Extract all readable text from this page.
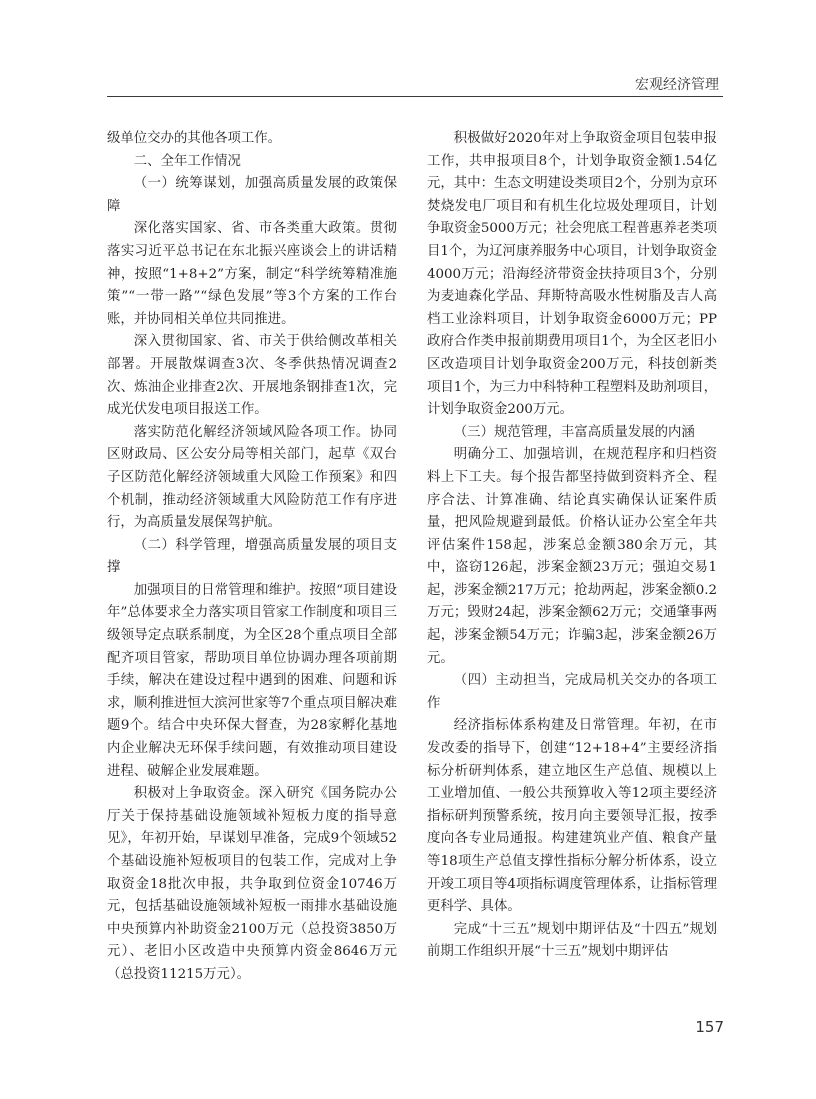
宏观经济管理

级单位交办的其他各项工作。

二、全年工作情况

（一）统筹谋划，加强高质量发展的政策保障

深化落实国家、省、市各类重大政策。贯彻落实习近平总书记在东北振兴座谈会上的讲话精神，按照“1+8+2”方案，制定“科学统筹精准施策”“一带一路”“绿色发展”等3个方案的工作台账，并协同相关单位共同推进。

深入贯彻国家、省、市关于供给侧改革相关部署。开展散煤调查3次、冬季供热情况调查2次、炼油企业排查2次、开展地条钢排查1次，完成光伏发电项目报送工作。

落实防范化解经济领域风险各项工作。协同区财政局、区公安分局等相关部门，起草《双台子区防范化解经济领域重大风险工作预案》和四个机制，推动经济领域重大风险防范工作有序进行，为高质量发展保驾护航。

（二）科学管理，增强高质量发展的项目支撑

加强项目的日常管理和维护。按照“项目建设年”总体要求全力落实项目管家工作制度和项目三级领导定点联系制度，为全区28个重点项目全部配齐项目管家，帮助项目单位协调办理各项前期手续，解决在建设过程中遇到的困难、问题和诉求，顺利推进恒大滨河世家等7个重点项目解决难题9个。结合中央环保大督查，为28家孵化基地内企业解决无环保手续问题，有效推动项目建设进程、破解企业发展难题。

积极对上争取资金。深入研究《国务院办公厅关于保持基础设施领域补短板力度的指导意见》，年初开始，早谋划早准备，完成9个领域52个基础设施补短板项目的包装工作，完成对上争取资金18批次申报，共争取到位资金10746万元，包括基础设施领域补短板一雨排水基础设施中央预算内补助资金2100万元（总投资3850万元）、老旧小区改造中央预算内资金8646万元（总投资11215万元）。

积极做好2020年对上争取资金项目包装申报工作，共申报项目8个，计划争取资金额1.54亿元，其中：生态文明建设类项目2个，分别为京环焚烧发电厂项目和有机生化垃圾处理项目，计划争取资金5000万元；社会兜底工程普惠养老类项目1个，为辽河康养服务中心项目，计划争取资金4000万元；沿海经济带资金扶持项目3个，分别为麦迪森化学品、拜斯特高吸水性树脂及吉人高档工业涂料项目，计划争取资金6000万元；PP政府合作类申报前期费用项目1个，为全区老旧小区改造项目计划争取资金200万元，科技创新类项目1个，为三力中科特种工程塑料及助剂项目，计划争取资金200万元。

（三）规范管理，丰富高质量发展的内涵

明确分工、加强培训，在规范程序和归档资料上下工夫。每个报告都坚持做到资料齐全、程序合法、计算准确、结论真实确保认证案件质量，把风险规避到最低。价格认证办公室全年共评估案件158起，涉案总金额380余万元，其中，盗窃126起，涉案金额23万元；强迫交易1起，涉案金额217万元；抢劫两起，涉案金额0.2万元；毁财24起，涉案金额62万元；交通肇事两起，涉案金额54万元；诈骗3起，涉案金额26万元。

（四）主动担当，完成局机关交办的各项工作

经济指标体系构建及日常管理。年初，在市发改委的指导下，创建“12+18+4”主要经济指标分析研判体系，建立地区生产总值、规模以上工业增加值、一般公共预算收入等12项主要经济指标研判预警系统，按月向主要领导汇报，按季度向各专业局通报。构建建筑业产值、粮食产量等18项生产总值支撑性指标分解分析体系，设立开竣工项目等4项指标调度管理体系，让指标管理更科学、具体。

完成“十三五”规划中期评估及“十四五”规划前期工作组织开展“十三五”规划中期评估

157
